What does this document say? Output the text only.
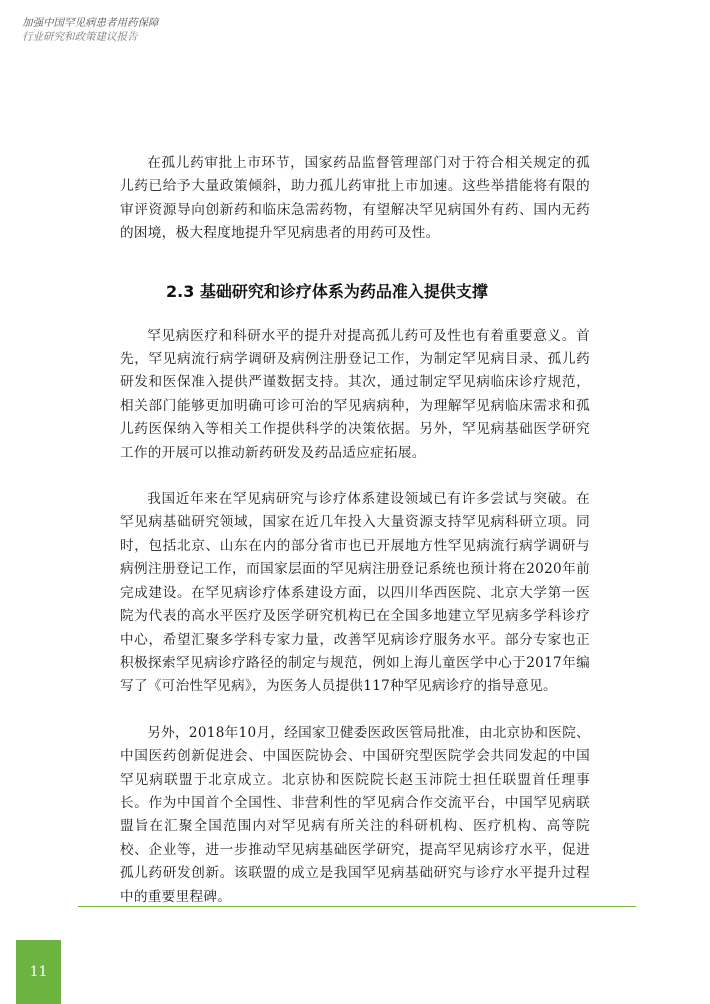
加强中国罕见病患者用药保障
行业研究和政策建议报告

在孤儿药审批上市环节，国家药品监督管理部门对于符合相关规定的孤儿药已给予大量政策倾斜，助力孤儿药审批上市加速。这些举措能将有限的审评资源导向创新药和临床急需药物，有望解决罕见病国外有药、国内无药的困境，极大程度地提升罕见病患者的用药可及性。

2.3 基础研究和诊疗体系为药品准入提供支撑

罕见病医疗和科研水平的提升对提高孤儿药可及性也有着重要意义。首先，罕见病流行病学调研及病例注册登记工作，为制定罕见病目录、孤儿药研发和医保准入提供严谨数据支持。其次，通过制定罕见病临床诊疗规范，相关部门能够更加明确可诊可治的罕见病病种，为理解罕见病临床需求和孤儿药医保纳入等相关工作提供科学的决策依据。另外，罕见病基础医学研究工作的开展可以推动新药研发及药品适应症拓展。

我国近年来在罕见病研究与诊疗体系建设领域已有许多尝试与突破。在罕见病基础研究领域，国家在近几年投入大量资源支持罕见病科研立项。同时，包括北京、山东在内的部分省市也已开展地方性罕见病流行病学调研与病例注册登记工作，而国家层面的罕见病注册登记系统也预计将在2020年前完成建设。在罕见病诊疗体系建设方面，以四川华西医院、北京大学第一医院为代表的高水平医疗及医学研究机构已在全国多地建立罕见病多学科诊疗中心，希望汇聚多学科专家力量，改善罕见病诊疗服务水平。部分专家也正积极探索罕见病诊疗路径的制定与规范，例如上海儿童医学中心于2017年编写了《可治性罕见病》，为医务人员提供117种罕见病诊疗的指导意见。

另外，2018年10月，经国家卫健委医政医管局批准，由北京协和医院、中国医药创新促进会、中国医院协会、中国研究型医院学会共同发起的中国罕见病联盟于北京成立。北京协和医院院长赵玉沛院士担任联盟首任理事长。作为中国首个全国性、非营利性的罕见病合作交流平台，中国罕见病联盟旨在汇聚全国范围内对罕见病有所关注的科研机构、医疗机构、高等院校、企业等，进一步推动罕见病基础医学研究，提高罕见病诊疗水平，促进孤儿药研发创新。该联盟的成立是我国罕见病基础研究与诊疗水平提升过程中的重要里程碑。

11
